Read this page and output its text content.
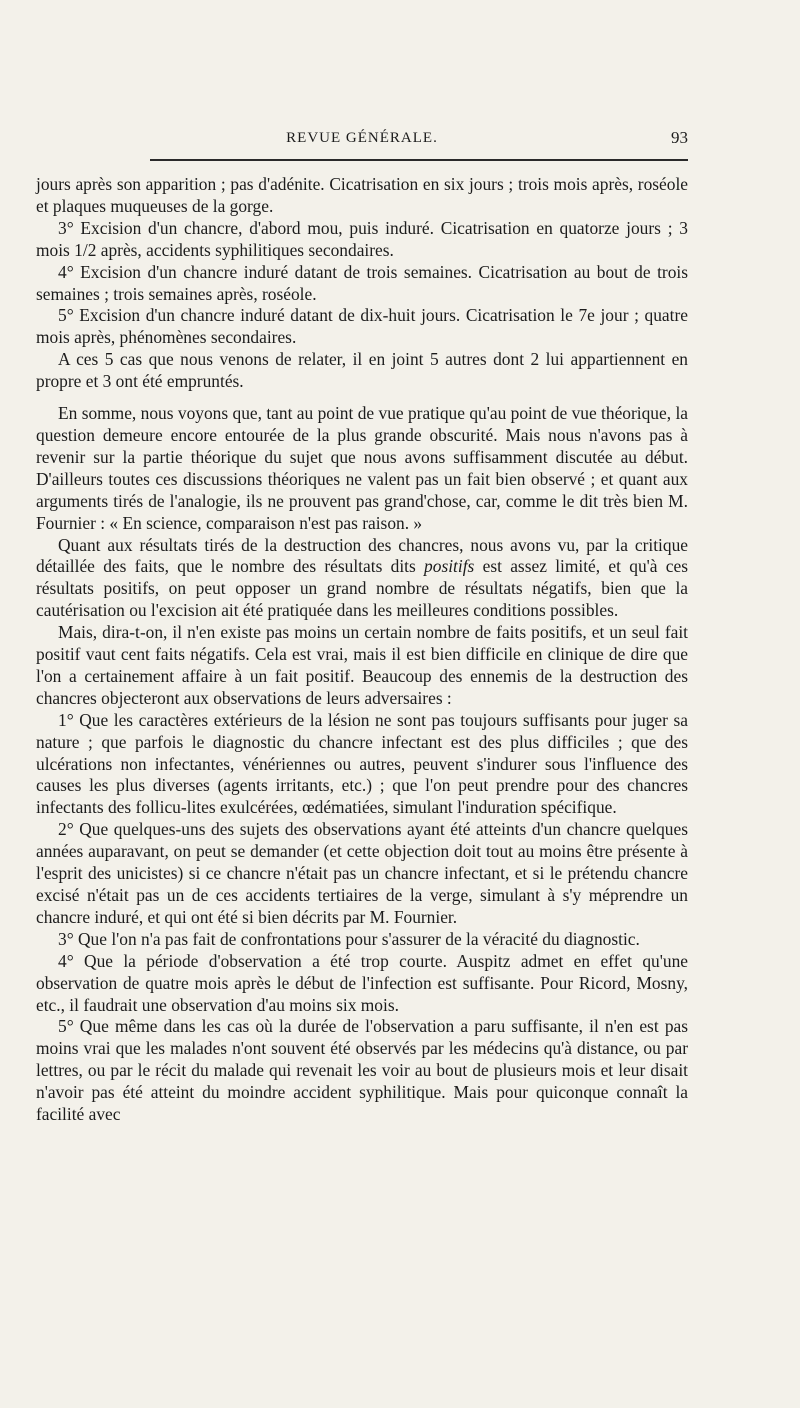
REVUE GÉNÉRALE.	93

jours après son apparition ; pas d'adénite. Cicatrisation en six jours ; trois mois après, roséole et plaques muqueuses de la gorge.

3° Excision d'un chancre, d'abord mou, puis induré. Cicatrisation en quatorze jours ; 3 mois 1/2 après, accidents syphilitiques secondaires.

4° Excision d'un chancre induré datant de trois semaines. Cicatrisation au bout de trois semaines ; trois semaines après, roséole.

5° Excision d'un chancre induré datant de dix-huit jours. Cicatrisation le 7e jour ; quatre mois après, phénomènes secondaires.

A ces 5 cas que nous venons de relater, il en joint 5 autres dont 2 lui appartiennent en propre et 3 ont été empruntés.

En somme, nous voyons que, tant au point de vue pratique qu'au point de vue théorique, la question demeure encore entourée de la plus grande obscurité. Mais nous n'avons pas à revenir sur la partie théorique du sujet que nous avons suffisamment discutée au début. D'ailleurs toutes ces discussions théoriques ne valent pas un fait bien observé ; et quant aux arguments tirés de l'analogie, ils ne prouvent pas grand'chose, car, comme le dit très bien M. Fournier : « En science, comparaison n'est pas raison. »

Quant aux résultats tirés de la destruction des chancres, nous avons vu, par la critique détaillée des faits, que le nombre des résultats dits positifs est assez limité, et qu'à ces résultats positifs, on peut opposer un grand nombre de résultats négatifs, bien que la cautérisation ou l'excision ait été pratiquée dans les meilleures conditions possibles.

Mais, dira-t-on, il n'en existe pas moins un certain nombre de faits positifs, et un seul fait positif vaut cent faits négatifs. Cela est vrai, mais il est bien difficile en clinique de dire que l'on a certainement affaire à un fait positif. Beaucoup des ennemis de la destruction des chancres objecteront aux observations de leurs adversaires :

1° Que les caractères extérieurs de la lésion ne sont pas toujours suffisants pour juger sa nature ; que parfois le diagnostic du chancre infectant est des plus difficiles ; que des ulcérations non infectantes, vénériennes ou autres, peuvent s'indurer sous l'influence des causes les plus diverses (agents irritants, etc.) ; que l'on peut prendre pour des chancres infectants des follicu-lites exulcérées, œdématiées, simulant l'induration spécifique.

2° Que quelques-uns des sujets des observations ayant été atteints d'un chancre quelques années auparavant, on peut se demander (et cette objection doit tout au moins être présente à l'esprit des unicistes) si ce chancre n'était pas un chancre infectant, et si le prétendu chancre excisé n'était pas un de ces accidents tertiaires de la verge, simulant à s'y méprendre un chancre induré, et qui ont été si bien décrits par M. Fournier.

3° Que l'on n'a pas fait de confrontations pour s'assurer de la véracité du diagnostic.

4° Que la période d'observation a été trop courte. Auspitz admet en effet qu'une observation de quatre mois après le début de l'infection est suffisante. Pour Ricord, Mosny, etc., il faudrait une observation d'au moins six mois.

5° Que même dans les cas où la durée de l'observation a paru suffisante, il n'en est pas moins vrai que les malades n'ont souvent été observés par les médecins qu'à distance, ou par lettres, ou par le récit du malade qui revenait les voir au bout de plusieurs mois et leur disait n'avoir pas été atteint du moindre accident syphilitique. Mais pour quiconque connaît la facilité avec
